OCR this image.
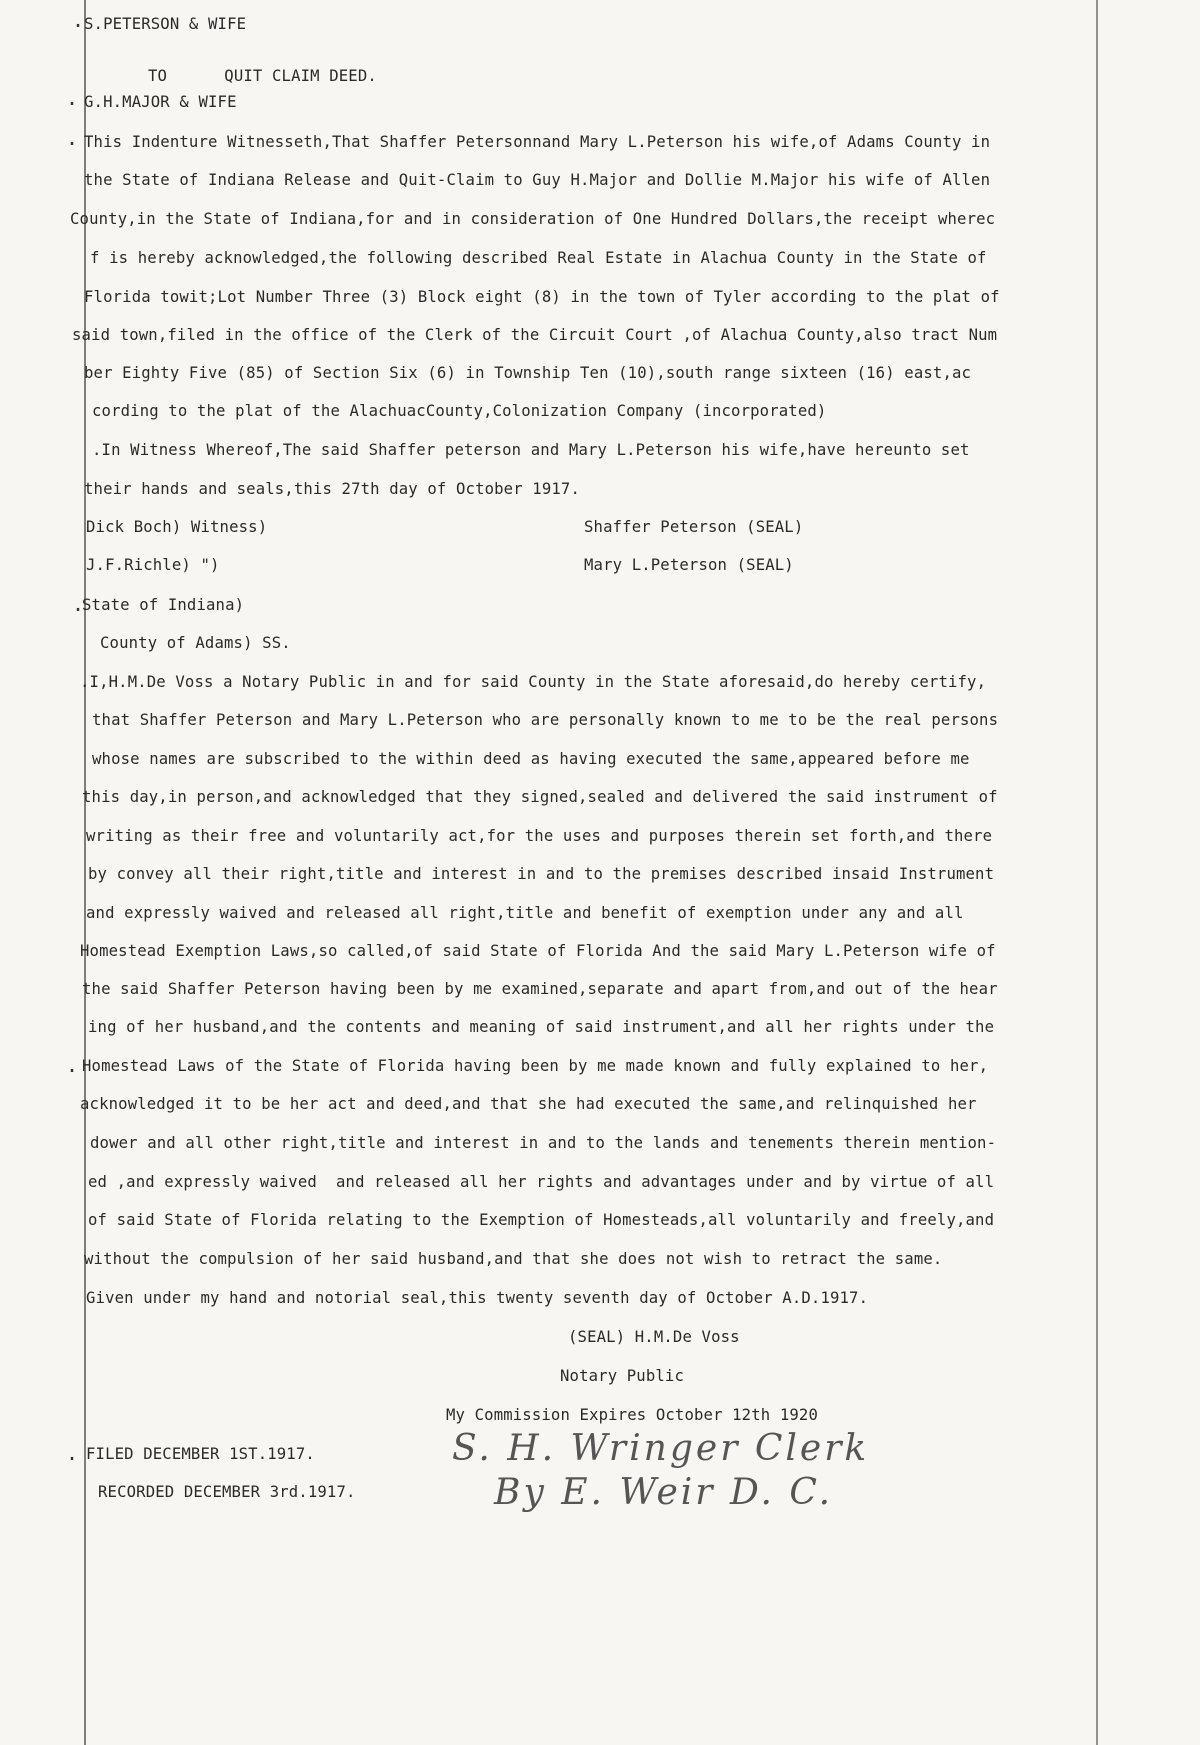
. S.PETERSON & WIFE
TO      QUIT CLAIM DEED.
. G.H.MAJOR & WIFE
. This Indenture Witnesseth,That Shaffer Petersonnand Mary L.Peterson his wife,of Adams County in
the State of Indiana Release and Quit-Claim to Guy H.Major and Dollie M.Major his wife of Allen
County,in the State of Indiana,for and in consideration of One Hundred Dollars,the receipt wherec
f is hereby acknowledged,the following described Real Estate in Alachua County in the State of
Florida towit;Lot Number Three (3) Block eight (8) in the town of Tyler according to the plat of
said town,filed in the office of the Clerk of the Circuit Court ,of Alachua County,also tract Num
ber Eighty Five (85) of Section Six (6) in Township Ten (10),south range sixteen (16) east,ac
cording to the plat of the AlachuacCounty,Colonization Company (incorporated)
.In Witness Whereof,The said Shaffer peterson and Mary L.Peterson his wife,have hereunto set
their hands and seals,this 27th day of October 1917.
Dick Boch) Witness)	Shaffer Peterson (SEAL)
J.F.Richle) ")	Mary L.Peterson (SEAL)
.
State of Indiana)
County of Adams) SS.
.I,H.M.De Voss a Notary Public in and for said County in the State aforesaid,do hereby certify,
that Shaffer Peterson and Mary L.Peterson who are personally known to me to be the real persons
whose names are subscribed to the within deed as having executed the same,appeared before me
this day,in person,and acknowledged that they signed,sealed and delivered the said instrument of
writing as their free and voluntarily act,for the uses and purposes therein set forth,and there
by convey all their right,title and interest in and to the premises described insaid Instrument
and expressly waived and released all right,title and benefit of exemption under any and all
Homestead Exemption Laws,so called,of said State of Florida And the said Mary L.Peterson wife of
the said Shaffer Peterson having been by me examined,separate and apart from,and out of the hear
ing of her husband,and the contents and meaning of said instrument,and all her rights under the
. Homestead Laws of the State of Florida having been by me made known and fully explained to her,
acknowledged it to be her act and deed,and that she had executed the same,and relinquished her
dower and all other right,title and interest in and to the lands and tenements therein mention-
ed ,and expressly waived  and released all her rights and advantages under and by virtue of all
of said State of Florida relating to the Exemption of Homesteads,all voluntarily and freely,and
without the compulsion of her said husband,and that she does not wish to retract the same.
Given under my hand and notorial seal,this twenty seventh day of October A.D.1917.
(SEAL) H.M.De Voss
Notary Public
My Commission Expires October 12th 1920
. FILED DECEMBER 1ST.1917.
RECORDED DECEMBER 3rd.1917.
S. H. Wringer Clerk
By E. Weir D. C.
